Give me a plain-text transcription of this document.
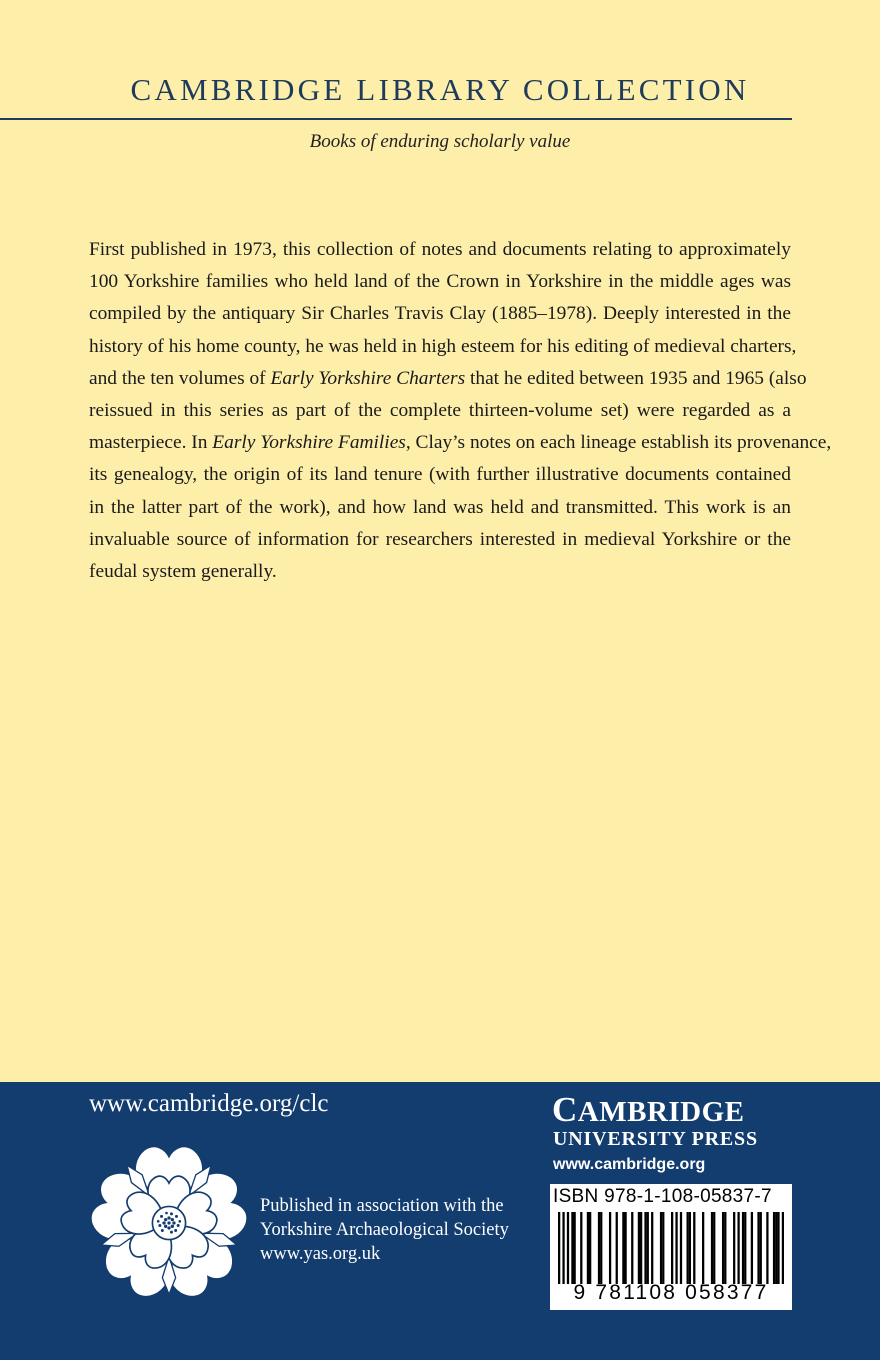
CAMBRIDGE LIBRARY COLLECTION
Books of enduring scholarly value

First published in 1973, this collection of notes and documents relating to approximately
100 Yorkshire families who held land of the Crown in Yorkshire in the middle ages was
compiled by the antiquary Sir Charles Travis Clay (1885–1978). Deeply interested in the
history of his home county, he was held in high esteem for his editing of medieval charters,
and the ten volumes of Early Yorkshire Charters that he edited between 1935 and 1965 (also
reissued in this series as part of the complete thirteen-volume set) were regarded as a
masterpiece. In Early Yorkshire Families, Clay’s notes on each lineage establish its provenance,
its genealogy, the origin of its land tenure (with further illustrative documents contained
in the latter part of the work), and how land was held and transmitted. This work is an
invaluable source of information for researchers interested in medieval Yorkshire or the
feudal system generally.

www.cambridge.org/clc
Published in association with the
Yorkshire Archaeological Society
www.yas.org.uk
CAMBRIDGE
UNIVERSITY PRESS
www.cambridge.org
ISBN 978-1-108-05837-7
9 781108 058377
